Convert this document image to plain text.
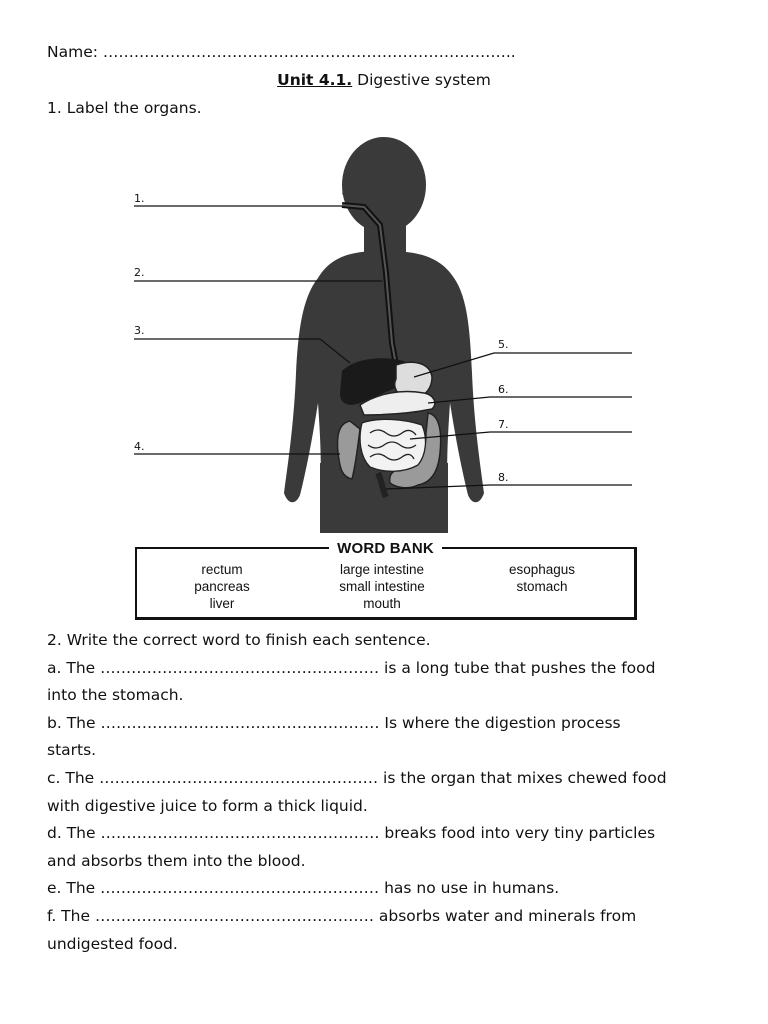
Name: ……………………………………………………………………..
Unit 4.1. Digestive system
1. Label the organs.
1.
2.
3.
4.
5.
6.
7.
8.
WORD BANK
rectum
pancreas
liver
large intestine
small intestine
mouth
esophagus
stomach

2. Write the correct word to finish each sentence.

a. The ……………………………………………… is a long tube that pushes the food

into the stomach.

b. The ……………………………………………… Is where the digestion process

starts.

c. The ……………………………………………… is the organ that mixes chewed food

with digestive juice to form a thick liquid.

d. The ……………………………………………… breaks food into very tiny particles

and absorbs them into the blood.

e. The ……………………………………………… has no use in humans.

f. The ……………………………………………… absorbs water and minerals from

undigested food.
